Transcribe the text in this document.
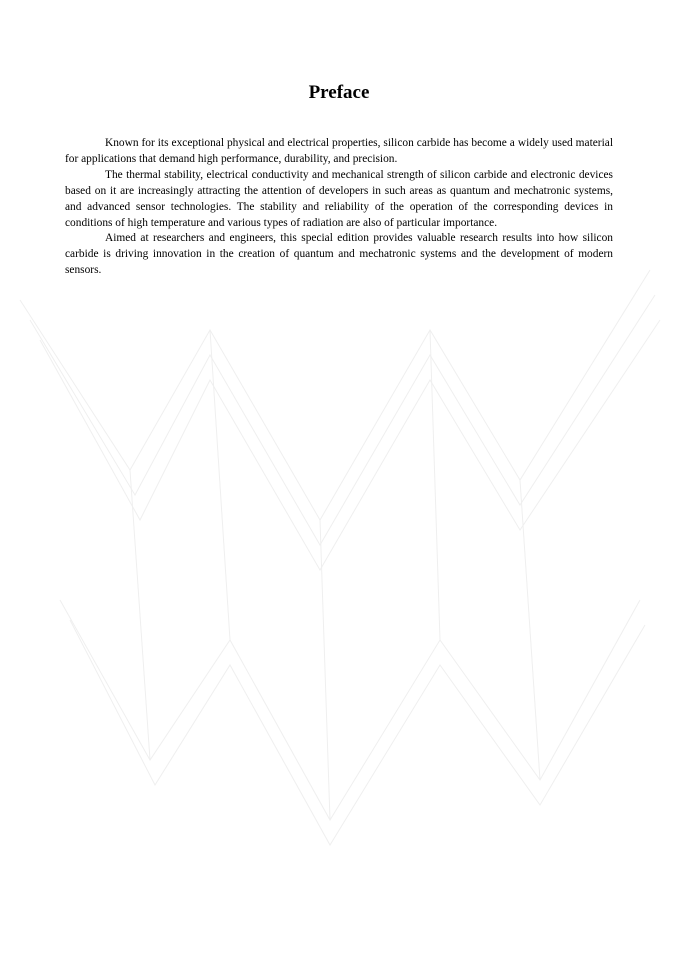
Preface

Known for its exceptional physical and electrical properties, silicon carbide has become a widely used material for applications that demand high performance, durability, and precision.

The thermal stability, electrical conductivity and mechanical strength of silicon carbide and electronic devices based on it are increasingly attracting the attention of developers in such areas as quantum and mechatronic systems, and advanced sensor technologies. The stability and reliability of the operation of the corresponding devices in conditions of high temperature and various types of radiation are also of particular importance.

Aimed at researchers and engineers, this special edition provides valuable research results into how silicon carbide is driving innovation in the creation of quantum and mechatronic systems and the development of modern sensors.
